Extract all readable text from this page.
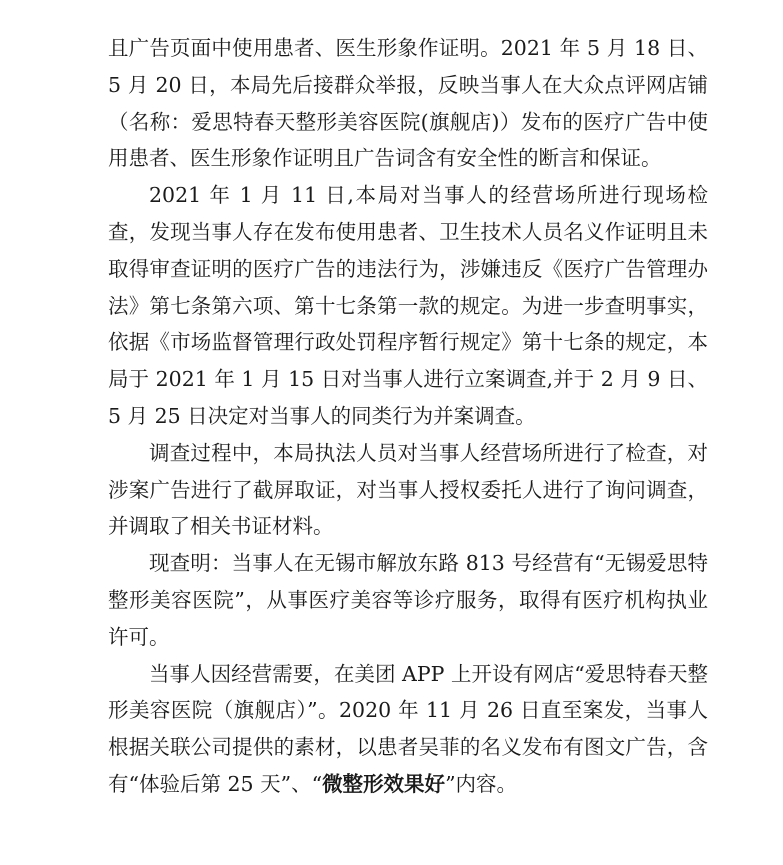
且广告页面中使用患者、医生形象作证明。2021 年 5 月 18 日、5 月 20 日，本局先后接群众举报，反映当事人在大众点评网店铺（名称：爱思特春天整形美容医院(旗舰店)）发布的医疗广告中使用患者、医生形象作证明且广告词含有安全性的断言和保证。

2021 年 1 月 11 日,本局对当事人的经营场所进行现场检查，发现当事人存在发布使用患者、卫生技术人员名义作证明且未取得审查证明的医疗广告的违法行为，涉嫌违反《医疗广告管理办法》第七条第六项、第十七条第一款的规定。为进一步查明事实，依据《市场监督管理行政处罚程序暂行规定》第十七条的规定，本局于 2021 年 1 月 15 日对当事人进行立案调查,并于 2 月 9 日、5 月 25 日决定对当事人的同类行为并案调查。

调查过程中，本局执法人员对当事人经营场所进行了检查，对涉案广告进行了截屏取证，对当事人授权委托人进行了询问调查，并调取了相关书证材料。

现查明：当事人在无锡市解放东路 813 号经营有“无锡爱思特整形美容医院”，从事医疗美容等诊疗服务，取得有医疗机构执业许可。

当事人因经营需要，在美团 APP 上开设有网店“爱思特春天整形美容医院（旗舰店）”。2020 年 11 月 26 日直至案发，当事人根据关联公司提供的素材，以患者吴菲的名义发布有图文广告，含有“体验后第 25 天”、“微整形效果好”内容。
